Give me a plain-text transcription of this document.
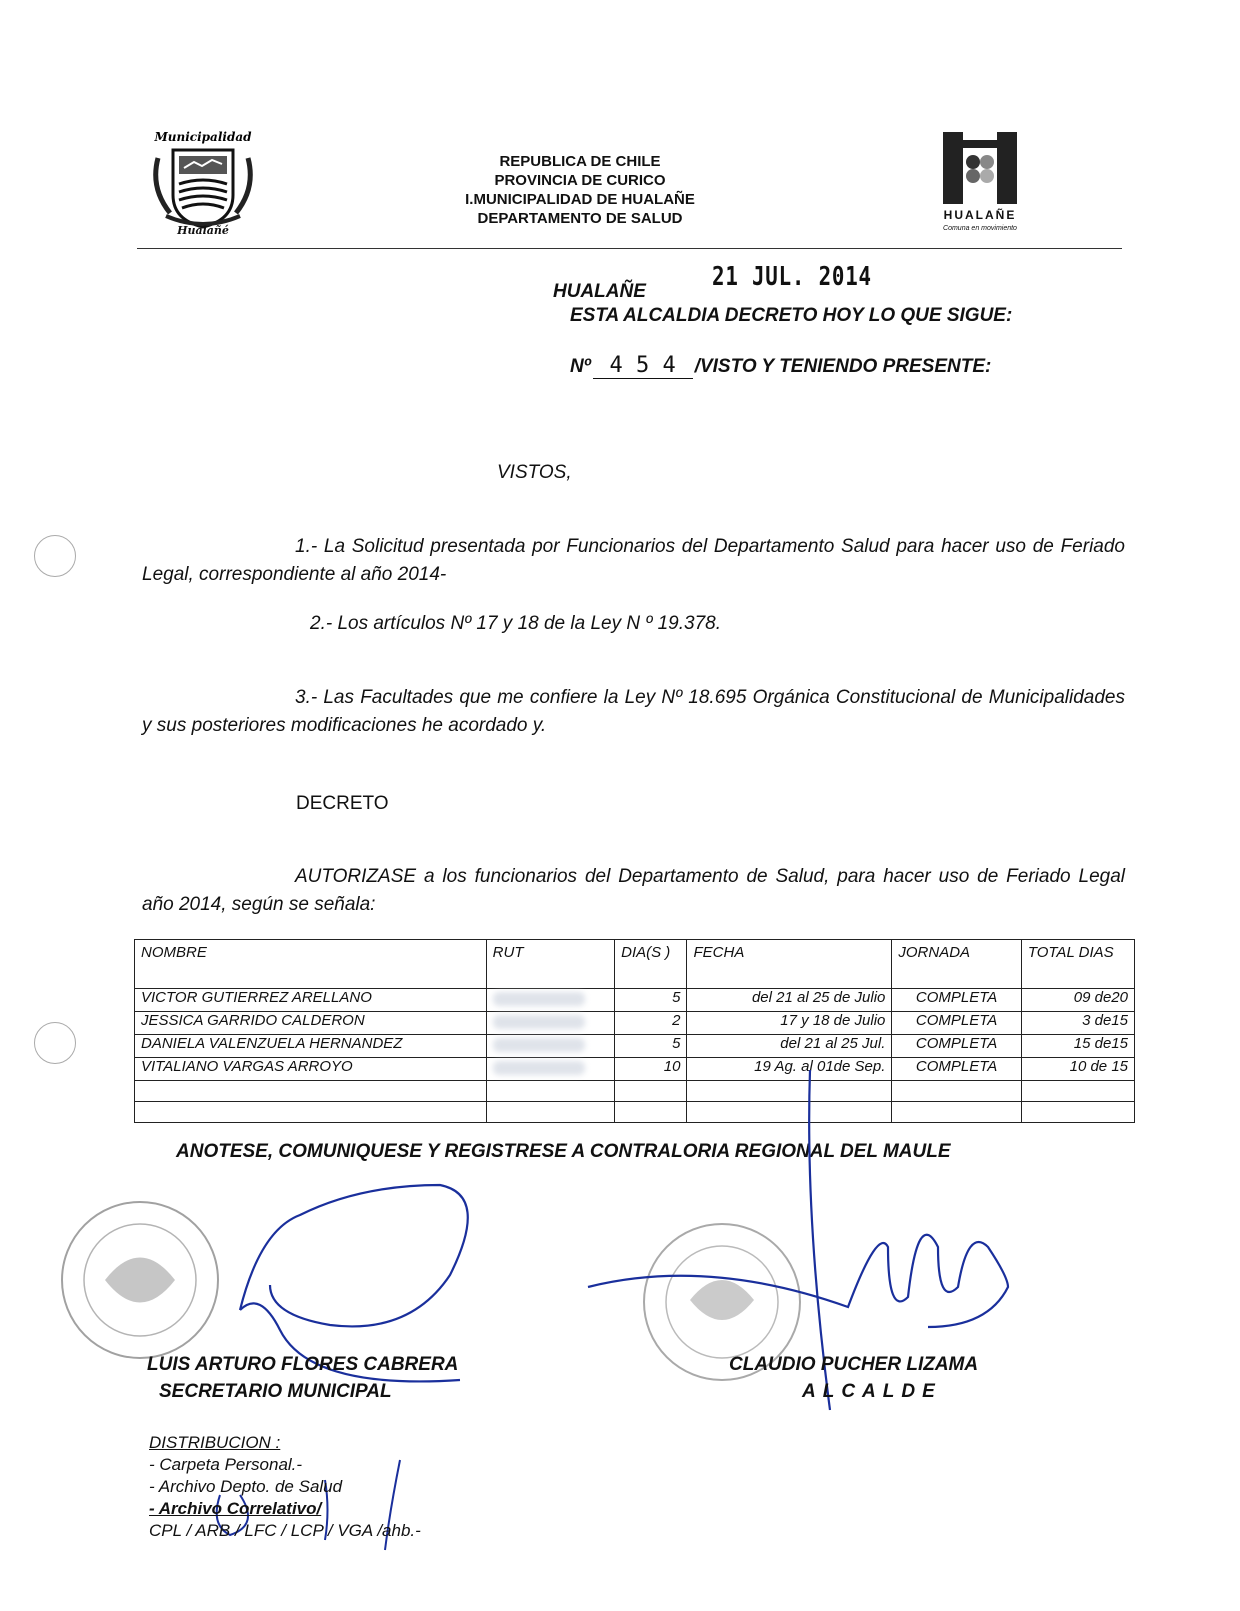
Municipalidad
Hualañé
REPUBLICA DE CHILE
PROVINCIA DE CURICO
I.MUNICIPALIDAD DE HUALAÑE
DEPARTAMENTO DE SALUD	HUALAÑE
Comuna en movimiento
HUALAÑE	21 JUL. 2014
ESTA ALCALDIA DECRETO HOY LO QUE SIGUE:
Nº 4 5 4 /VISTO Y TENIENDO PRESENTE:
VISTOS,
1.- La Solicitud presentada por Funcionarios del Departamento Salud para hacer uso de Feriado Legal, correspondiente al año 2014-
2.- Los artículos Nº 17 y 18 de la Ley N º 19.378.
3.- Las Facultades que me confiere la Ley Nº 18.695 Orgánica Constitucional de Municipalidades y sus posteriores modificaciones he acordado y.
DECRETO
AUTORIZASE a los funcionarios del Departamento de Salud, para hacer uso de Feriado Legal año 2014, según se señala:
NOMBRE	RUT	DIA(S )	FECHA	JORNADA	TOTAL DIAS
VICTOR GUTIERREZ ARELLANO		5	del 21 al 25 de Julio	COMPLETA	09 de20
JESSICA GARRIDO CALDERON		2	17 y 18 de Julio	COMPLETA	3 de15
DANIELA VALENZUELA HERNANDEZ		5	del 21 al 25 Jul.	COMPLETA	15 de15
VITALIANO VARGAS ARROYO		10	19 Ag. al 01de Sep.	COMPLETA	10 de 15

ANOTESE, COMUNIQUESE Y REGISTRESE A CONTRALORIA REGIONAL DEL MAULE
LUIS ARTURO FLORES CABRERA
SECRETARIO MUNICIPAL
CLAUDIO PUCHER LIZAMA
ALCALDE
DISTRIBUCION :
- Carpeta Personal.-
- Archivo Depto. de Salud
- Archivo Correlativo/
CPL / ARB / LFC / LCP / VGA /ahb.-
